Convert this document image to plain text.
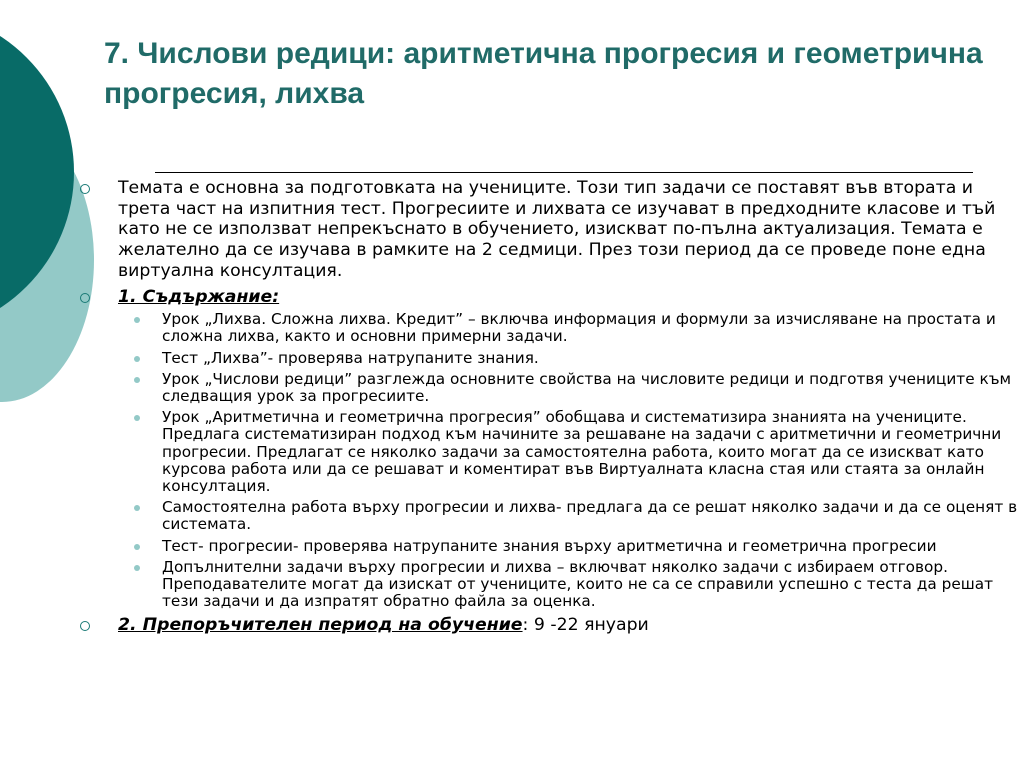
7. Числови редици: аритметична прогресия и геометрична прогресия, лихва
Темата е основна за подготовката на учениците. Този тип задачи се поставят във втората и трета част на изпитния тест. Прогресиите и лихвата се изучават в предходните класове и тъй като не се използват непрекъснато в обучението, изискват по-пълна актуализация. Темата е желателно да се изучава в рамките на 2 седмици. През този период да се проведе поне една виртуална консултация.
1. Съдържание:
Урок „Лихва. Сложна лихва. Кредит” – включва информация и формули за изчисляване на простата и сложна лихва, както и основни примерни задачи.
Тест „Лихва”- проверява натрупаните знания.
Урок „Числови редици” разглежда основните свойства на числовите редици и подготвя учениците към следващия урок за прогресиите.
Урок „Аритметична и геометрична прогресия” обобщава и систематизира знанията на учениците. Предлага систематизиран подход към начините за решаване на задачи с аритметични и геометрични прогресии. Предлагат се няколко задачи за самостоятелна работа, които могат да се изискват като курсова работа или да се решават и коментират във Виртуалната класна стая или стаята за онлайн консултация.
Самостоятелна работа върху прогресии и лихва- предлага да се решат няколко задачи и да се оценят в системата.
Тест- прогресии- проверява натрупаните знания върху аритметична и геометрична прогресии
Допълнителни задачи върху прогресии и лихва – включват няколко задачи с избираем отговор. Преподавателите могат да изискат от учениците, които не са се справили успешно с теста да решат тези задачи и да изпратят обратно файла за оценка.
2. Препоръчителен период на обучение: 9 -22 януари
